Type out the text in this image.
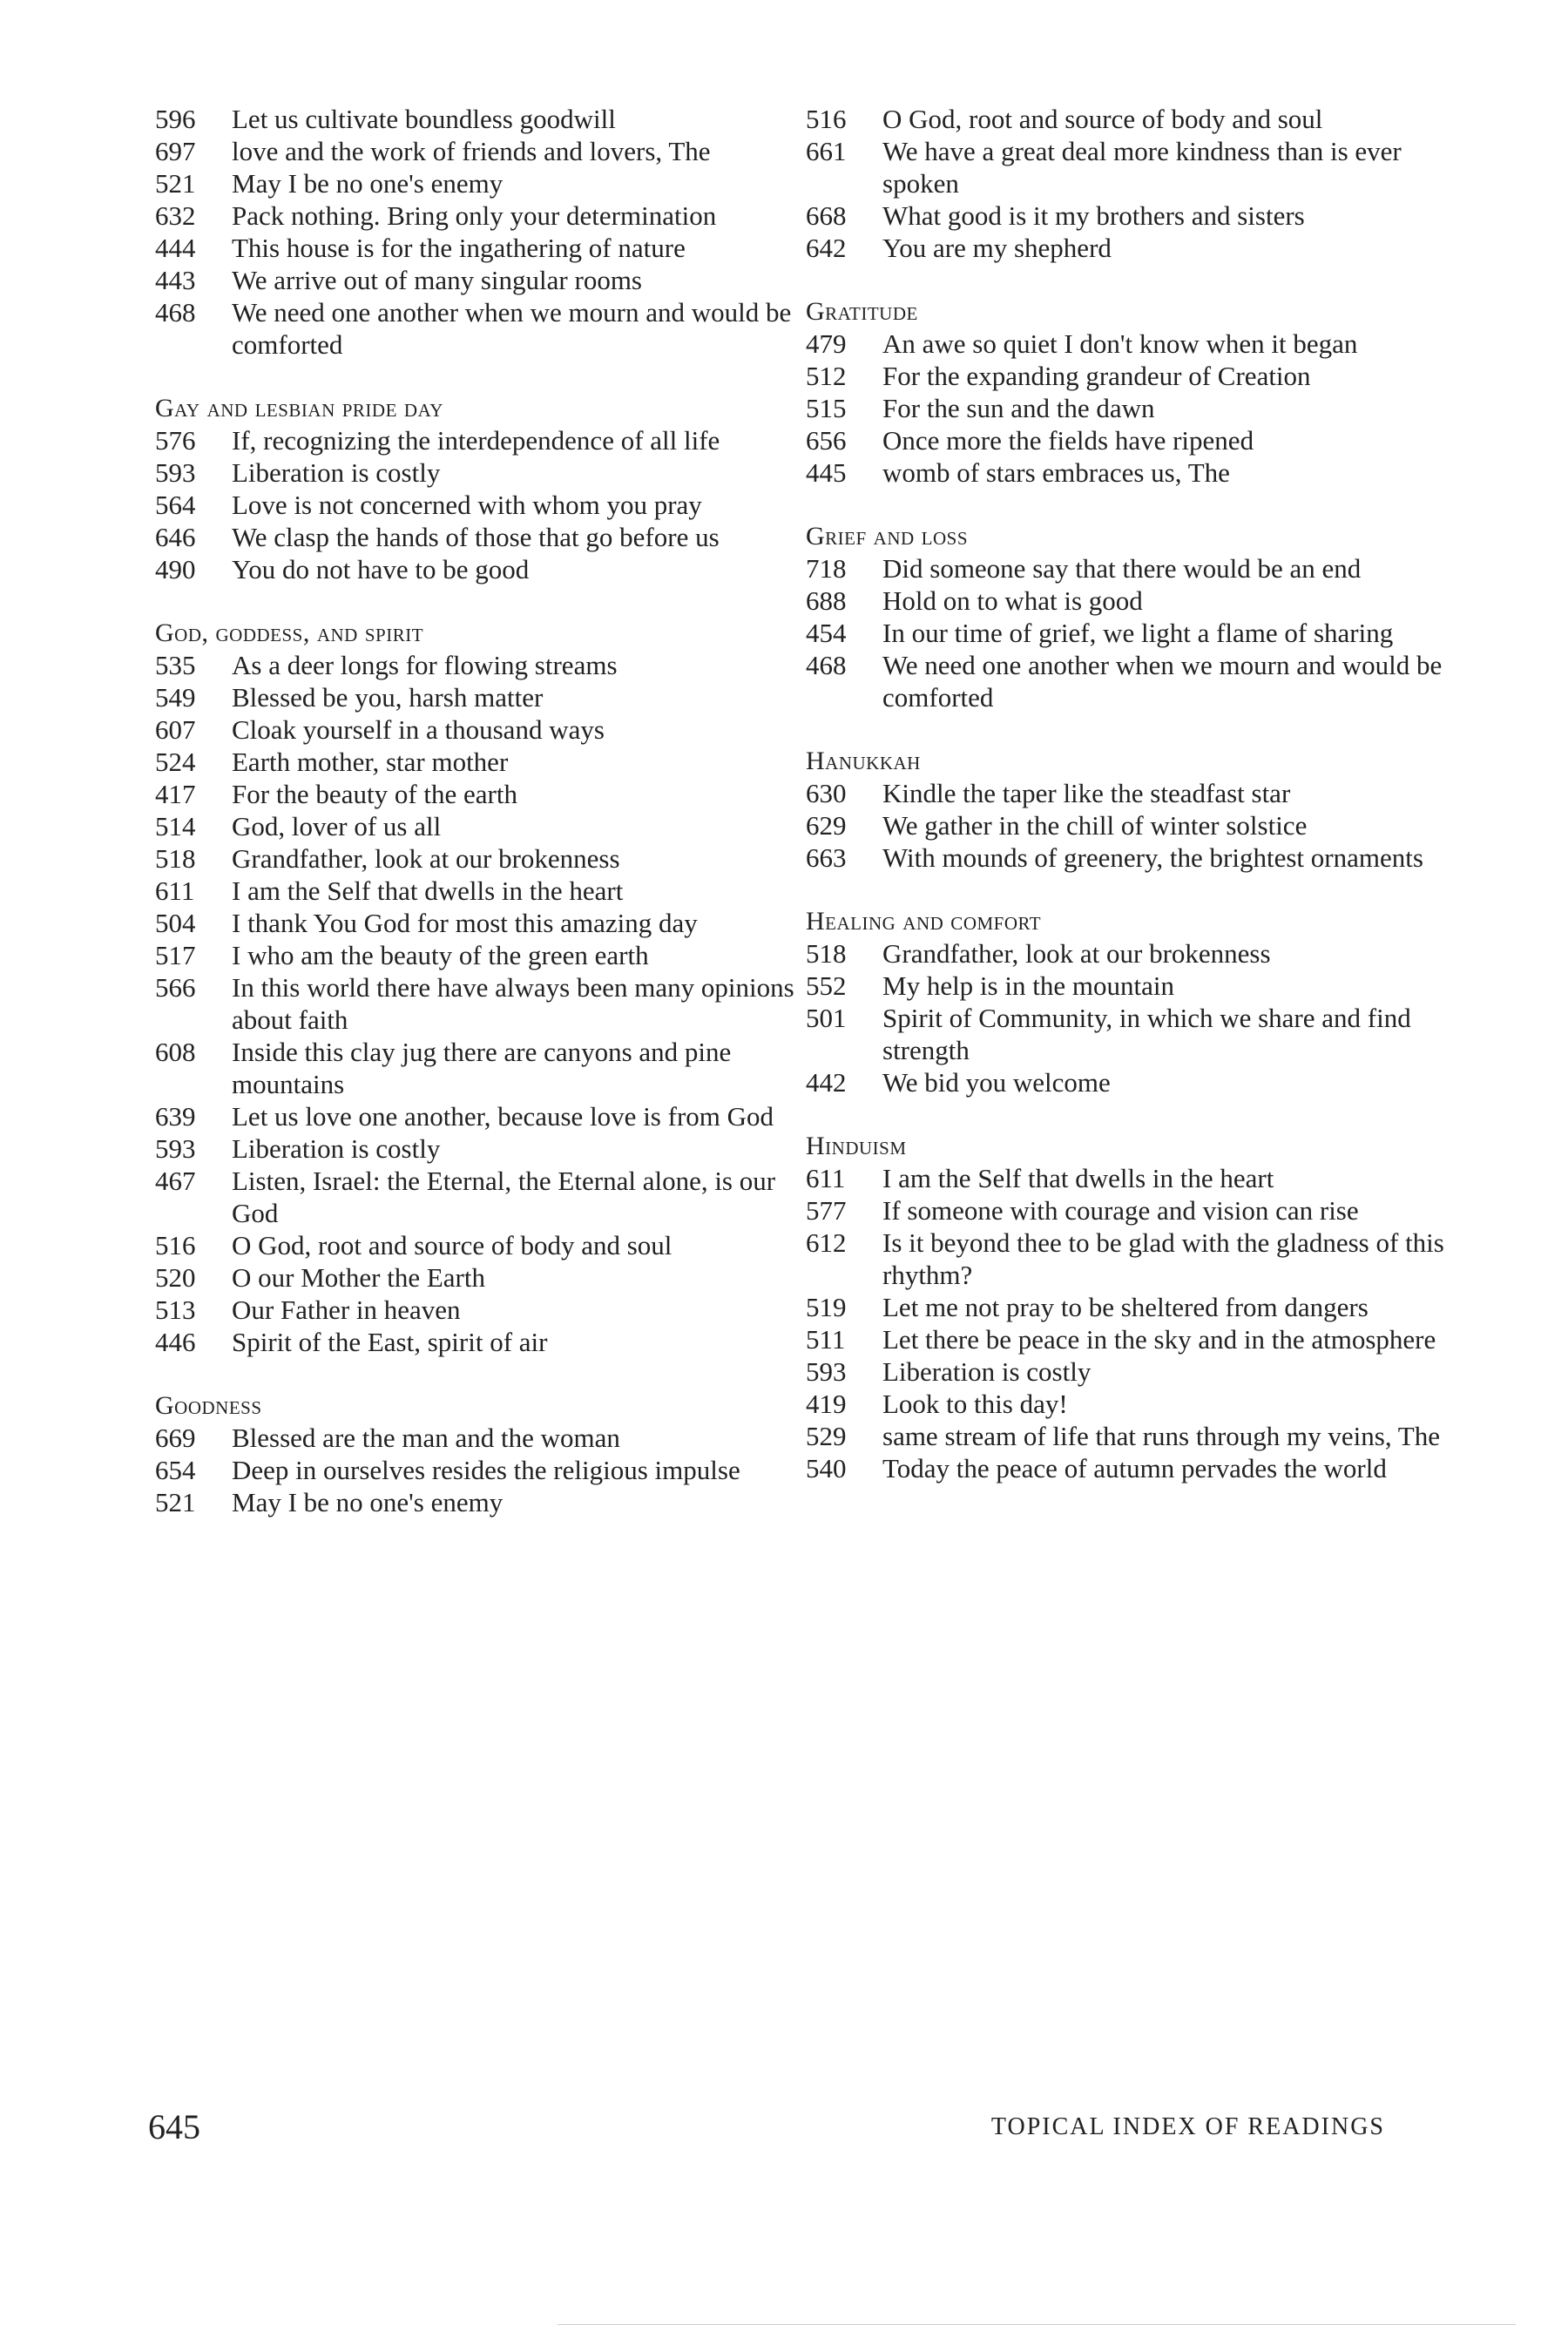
596	Let us cultivate boundless goodwill
697	love and the work of friends and lovers, The
521	May I be no one's enemy
632	Pack nothing. Bring only your determination
444	This house is for the ingathering of nature
443	We arrive out of many singular rooms
468	We need one another when we mourn and would be comforted
Gay and lesbian pride day
576	If, recognizing the interdependence of all life
593	Liberation is costly
564	Love is not concerned with whom you pray
646	We clasp the hands of those that go before us
490	You do not have to be good
God, goddess, and spirit
535	As a deer longs for flowing streams
549	Blessed be you, harsh matter
607	Cloak yourself in a thousand ways
524	Earth mother, star mother
417	For the beauty of the earth
514	God, lover of us all
518	Grandfather, look at our brokenness
611	I am the Self that dwells in the heart
504	I thank You God for most this amazing day
517	I who am the beauty of the green earth
566	In this world there have always been many opinions about faith
608	Inside this clay jug there are canyons and pine mountains
639	Let us love one another, because love is from God
593	Liberation is costly
467	Listen, Israel: the Eternal, the Eternal alone, is our God
516	O God, root and source of body and soul
520	O our Mother the Earth
513	Our Father in heaven
446	Spirit of the East, spirit of air
Goodness
669	Blessed are the man and the woman
654	Deep in ourselves resides the religious impulse
521	May I be no one's enemy
516	O God, root and source of body and soul
661	We have a great deal more kindness than is ever spoken
668	What good is it my brothers and sisters
642	You are my shepherd
Gratitude
479	An awe so quiet I don't know when it began
512	For the expanding grandeur of Creation
515	For the sun and the dawn
656	Once more the fields have ripened
445	womb of stars embraces us, The
Grief and loss
718	Did someone say that there would be an end
688	Hold on to what is good
454	In our time of grief, we light a flame of sharing
468	We need one another when we mourn and would be comforted
Hanukkah
630	Kindle the taper like the steadfast star
629	We gather in the chill of winter solstice
663	With mounds of greenery, the brightest ornaments
Healing and comfort
518	Grandfather, look at our brokenness
552	My help is in the mountain
501	Spirit of Community, in which we share and find strength
442	We bid you welcome
Hinduism
611	I am the Self that dwells in the heart
577	If someone with courage and vision can rise
612	Is it beyond thee to be glad with the gladness of this rhythm?
519	Let me not pray to be sheltered from dangers
511	Let there be peace in the sky and in the atmosphere
593	Liberation is costly
419	Look to this day!
529	same stream of life that runs through my veins, The
540	Today the peace of autumn pervades the world
645	TOPICAL INDEX OF READINGS
